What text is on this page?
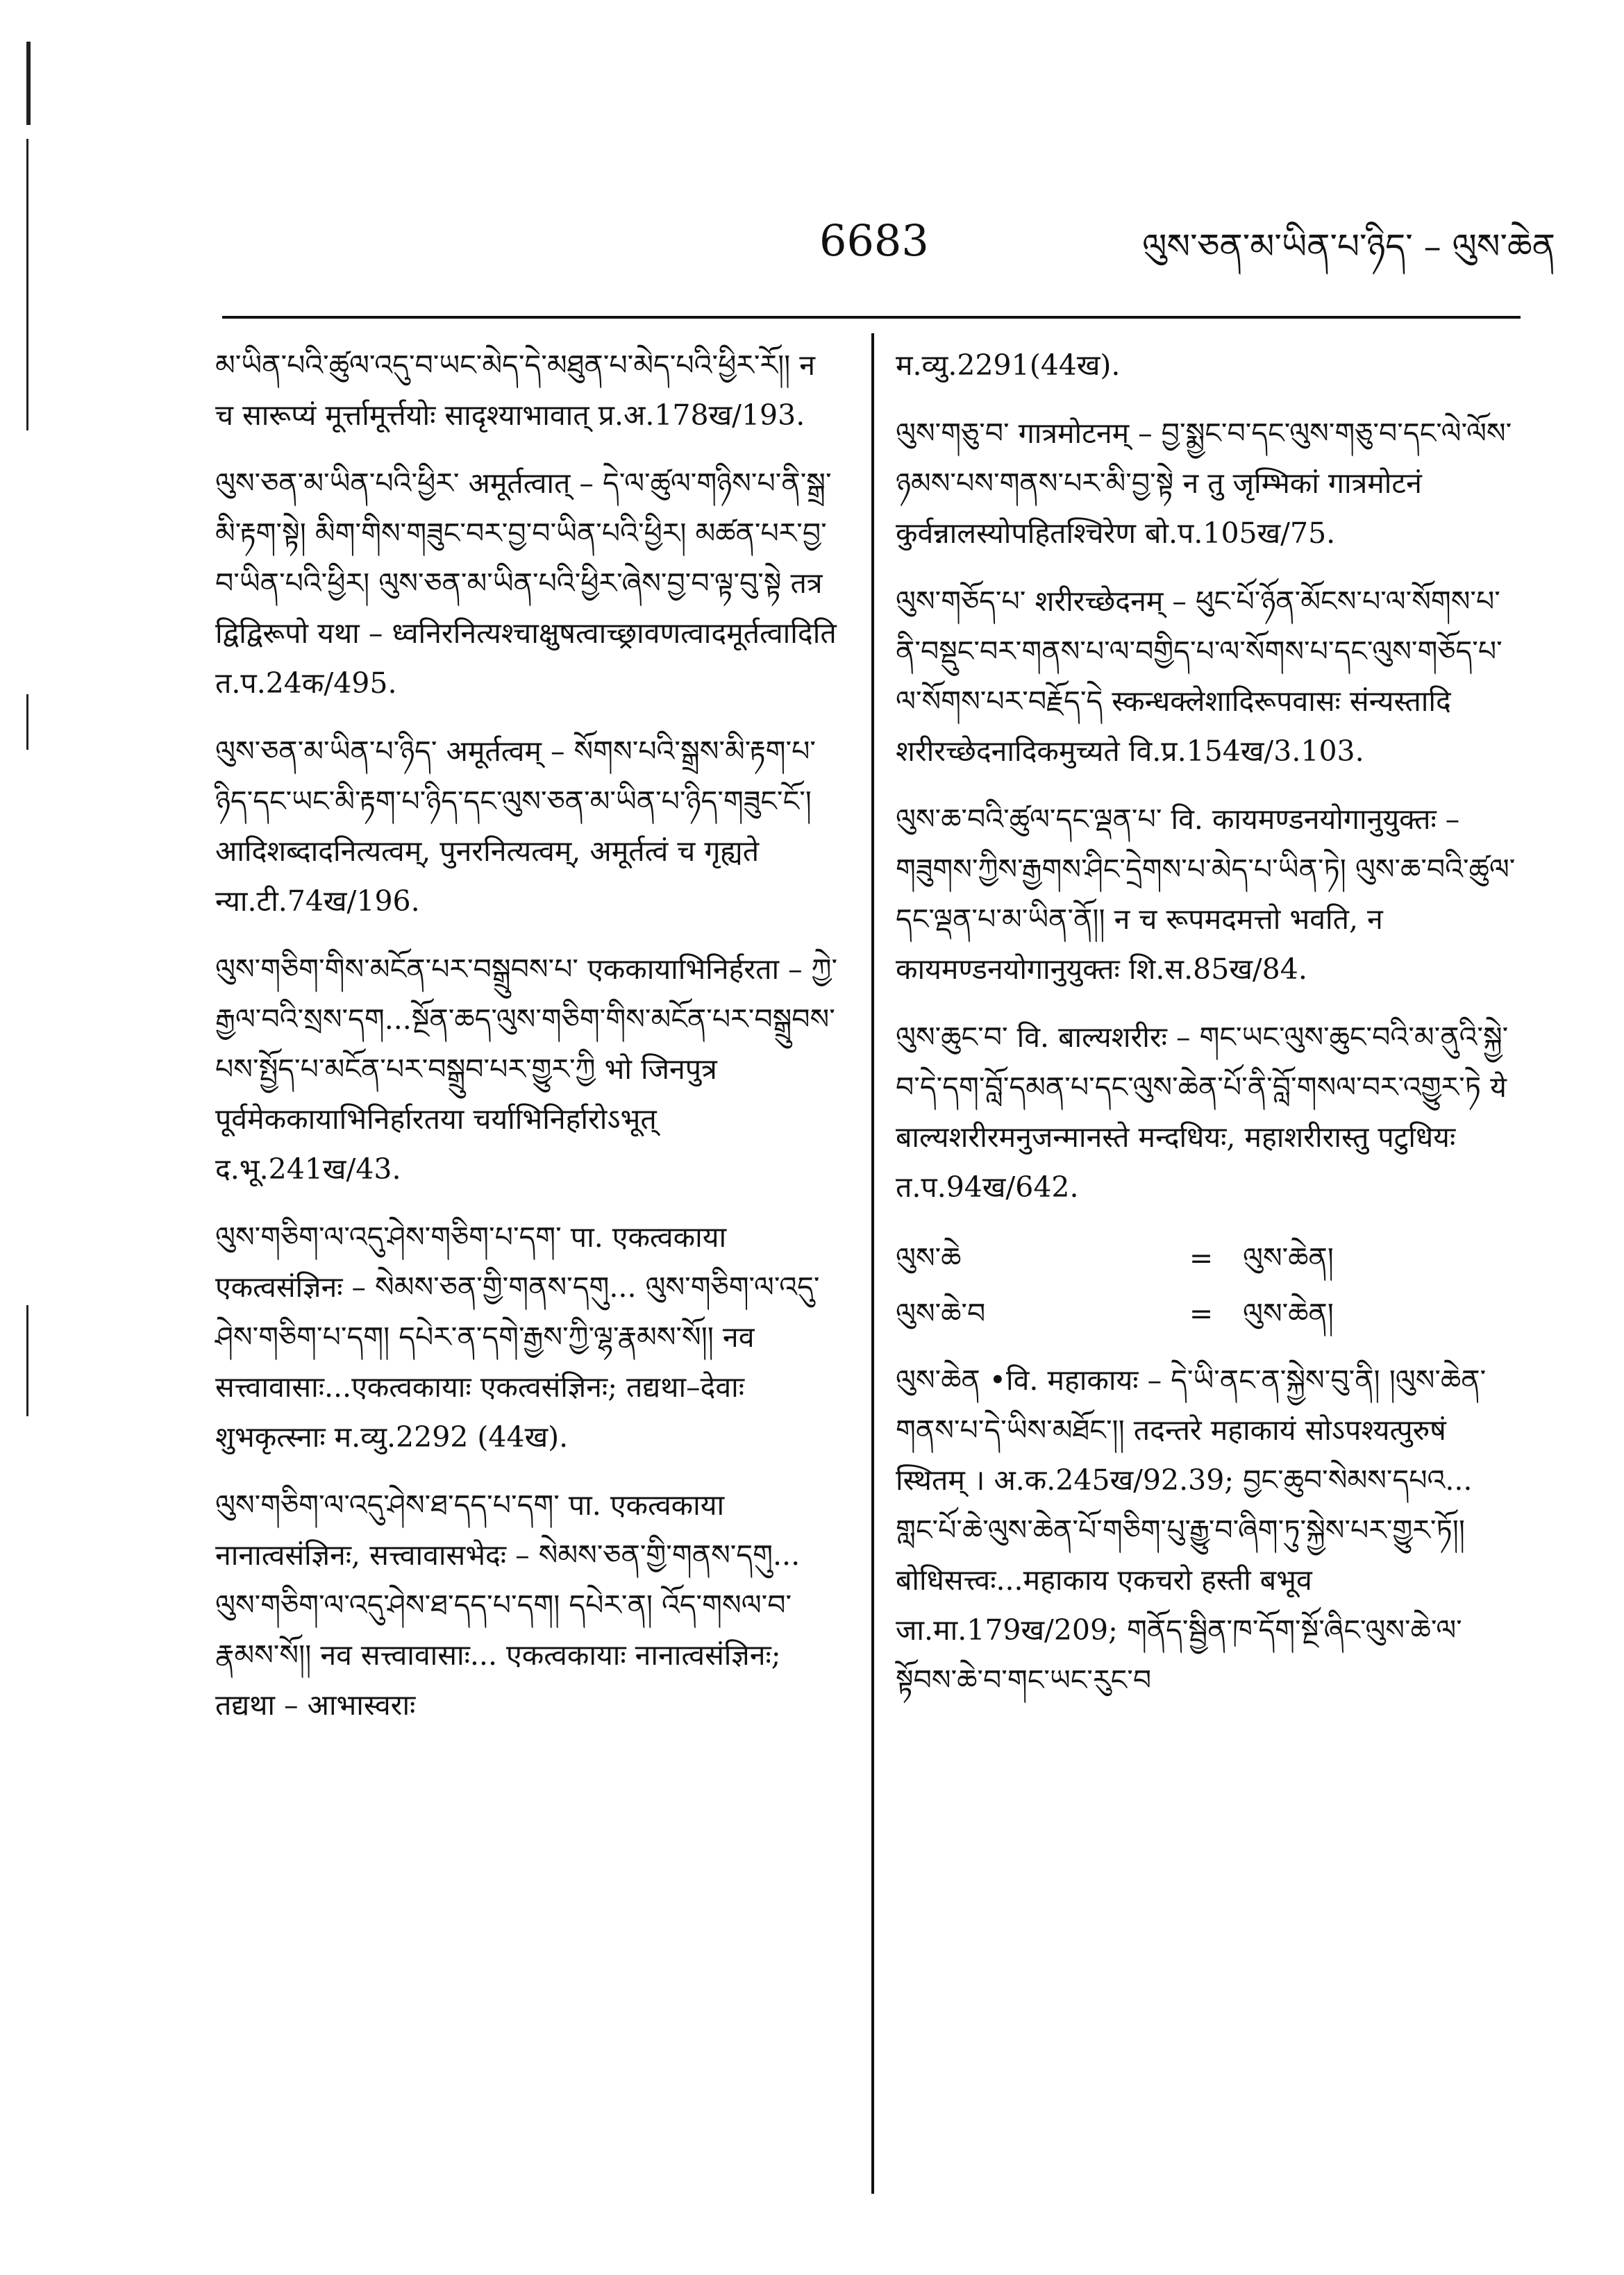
6683	ལུས་ཅན་མ་ཡིན་པ་ཉིད་ – ལུས་ཆེན

མ་ཡིན་པའི་ཚུལ་འདུ་བ་ཡང་མེད་དེ་མཐུན་པ་མེད་པའི་ཕྱིར་རོ།། न च सारूप्यं मूर्त्तामूर्त्तयोः सादृश्याभावात् प्र.अ.178ख/193.

ལུས་ཅན་མ་ཡིན་པའི་ཕྱིར་ अमूर्तत्वात् – དེ་ལ་ཚུལ་གཉིས་པ་ནི་སྒྲ་མི་རྟག་སྟེ། མིག་གིས་གཟུང་བར་བྱ་བ་ཡིན་པའི་ཕྱིར། མཚན་པར་བྱ་བ་ཡིན་པའི་ཕྱིར། ལུས་ཅན་མ་ཡིན་པའི་ཕྱིར་ཞེས་བྱ་བ་ལྟ་བུ་སྟེ तत्र द्विद्विरूपो यथा – ध्वनिरनित्यश्चाक्षुषत्वाच्छ्रावणत्वादमूर्तत्वादिति त.प.24क/495.

ལུས་ཅན་མ་ཡིན་པ་ཉིད་ अमूर्तत्वम् – སོགས་པའི་སྒྲས་མི་རྟག་པ་ཉིད་དང་ཡང་མི་རྟག་པ་ཉིད་དང་ལུས་ཅན་མ་ཡིན་པ་ཉིད་གཟུང་ངོ་། आदिशब्दादनित्यत्वम्, पुनरनित्यत्वम्, अमूर्तत्वं च गृह्यते न्या.टी.74ख/196.

ལུས་གཅིག་གིས་མངོན་པར་བསྒྲུབས་པ་ एककायाभिनिर्हरता – ཀྱེ་རྒྱལ་བའི་སྲས་དག...སྔོན་ཆད་ལུས་གཅིག་གིས་མངོན་པར་བསྒྲུབས་པས་སྤྱོད་པ་མངོན་པར་བསྒྲུབ་པར་གྱུར་ཀྱི भो जिनपुत्र पूर्वमेककायाभिनिर्हारतया चर्याभिनिर्हारोऽभूत् द.भू.241ख/43.

ལུས་གཅིག་ལ་འདུ་ཤེས་གཅིག་པ་དག་ पा. एकत्वकाया एकत्वसंज्ञिनः – སེམས་ཅན་གྱི་གནས་དགུ... ལུས་གཅིག་ལ་འདུ་ཤེས་གཅིག་པ་དག། དཔེར་ན་དགེ་རྒྱས་ཀྱི་ལྷ་རྣམས་སོ།། नव सत्त्वावासाः...एकत्वकायाः एकत्वसंज्ञिनः; तद्यथा–देवाः शुभकृत्स्नाः म.व्यु.2292 (44ख).

ལུས་གཅིག་ལ་འདུ་ཤེས་ཐ་དད་པ་དག་ पा. एकत्वकाया नानात्वसंज्ञिनः, सत्त्वावासभेदः – སེམས་ཅན་གྱི་གནས་དགུ... ལུས་གཅིག་ལ་འདུ་ཤེས་ཐ་དད་པ་དག། དཔེར་ན། འོད་གསལ་བ་རྣམས་སོ།། नव सत्त्वावासाः... एकत्वकायाः नानात्वसंज्ञिनः; तद्यथा – आभास्वराः

म.व्यु.2291(44ख).

ལུས་གཅུ་བ་ गात्रमोटनम् – བྱ་སྨྱང་བ་དང་ལུས་གཅུ་བ་དང་ལེ་ལོས་ཉམས་པས་གནས་པར་མི་བྱ་སྟེ न तु जृम्भिकां गात्रमोटनं कुर्वन्नालस्योपहितश्चिरेण बो.प.105ख/75.

ལུས་གཅོད་པ་ शरीरच्छेदनम् – ཕུང་པོ་ཉོན་མོངས་པ་ལ་སོགས་པ་ནི་བསྡུང་བར་གནས་པ་ལ་བགྱིད་པ་ལ་སོགས་པ་དང་ལུས་གཅོད་པ་ལ་སོགས་པར་བརྗོད་དེ स्कन्धक्लेशादिरूपवासः संन्यस्तादि शरीरच्छेदनादिकमुच्यते वि.प्र.154ख/3.103.

ལུས་ཆ་བའི་ཚུལ་དང་ལྡན་པ་ वि. कायमण्डनयोगानुयुक्तः – གཟུགས་ཀྱིས་རྒྱགས་ཤིང་དྲེགས་པ་མེད་པ་ཡིན་ཏེ། ལུས་ཆ་བའི་ཚུལ་དང་ལྡན་པ་མ་ཡིན་ནོ།། न च रूपमदमत्तो भवति, न कायमण्डनयोगानुयुक्तः शि.स.85ख/84.

ལུས་ཆུང་བ་ वि. बाल्यशरीरः – གང་ཡང་ལུས་ཆུང་བའི་མ་ནུའི་སྐྱེ་བ་དེ་དག་བློ་དམན་པ་དང་ལུས་ཆེན་པོ་ནི་བློ་གསལ་བར་འགྱུར་ཏེ ये बाल्यशरीरमनुजन्मानस्ते मन्दधियः, महाशरीरास्तु पटुधियः त.प.94ख/642.

ལུས་ཆེ	= ལུས་ཆེན།
ལུས་ཆེ་བ	= ལུས་ཆེན།

ལུས་ཆེན •वि. महाकायः – དེ་ཡི་ནང་ན་སྐྱེས་བུ་ནི། །ལུས་ཆེན་གནས་པ་དེ་ཡིས་མཐོང་།། तदन्तरे महाकायं सोऽपश्यत्पुरुषं स्थितम् । अ.क.245ख/92.39; བྱང་ཆུབ་སེམས་དཔའ... གླང་པོ་ཆེ་ལུས་ཆེན་པོ་གཅིག་པུ་རྒྱུ་བ་ཞིག་ཏུ་སྐྱེས་པར་གྱུར་ཏོ།། बोधिसत्त्वः...महाकाय एकचरो हस्ती बभूव जा.मा.179ख/209; གནོད་སྦྱིན་ཁ་དོག་སྔོ་ཞིང་ལུས་ཆེ་ལ་སྟོབས་ཆེ་བ་གང་ཡང་རུང་བ
